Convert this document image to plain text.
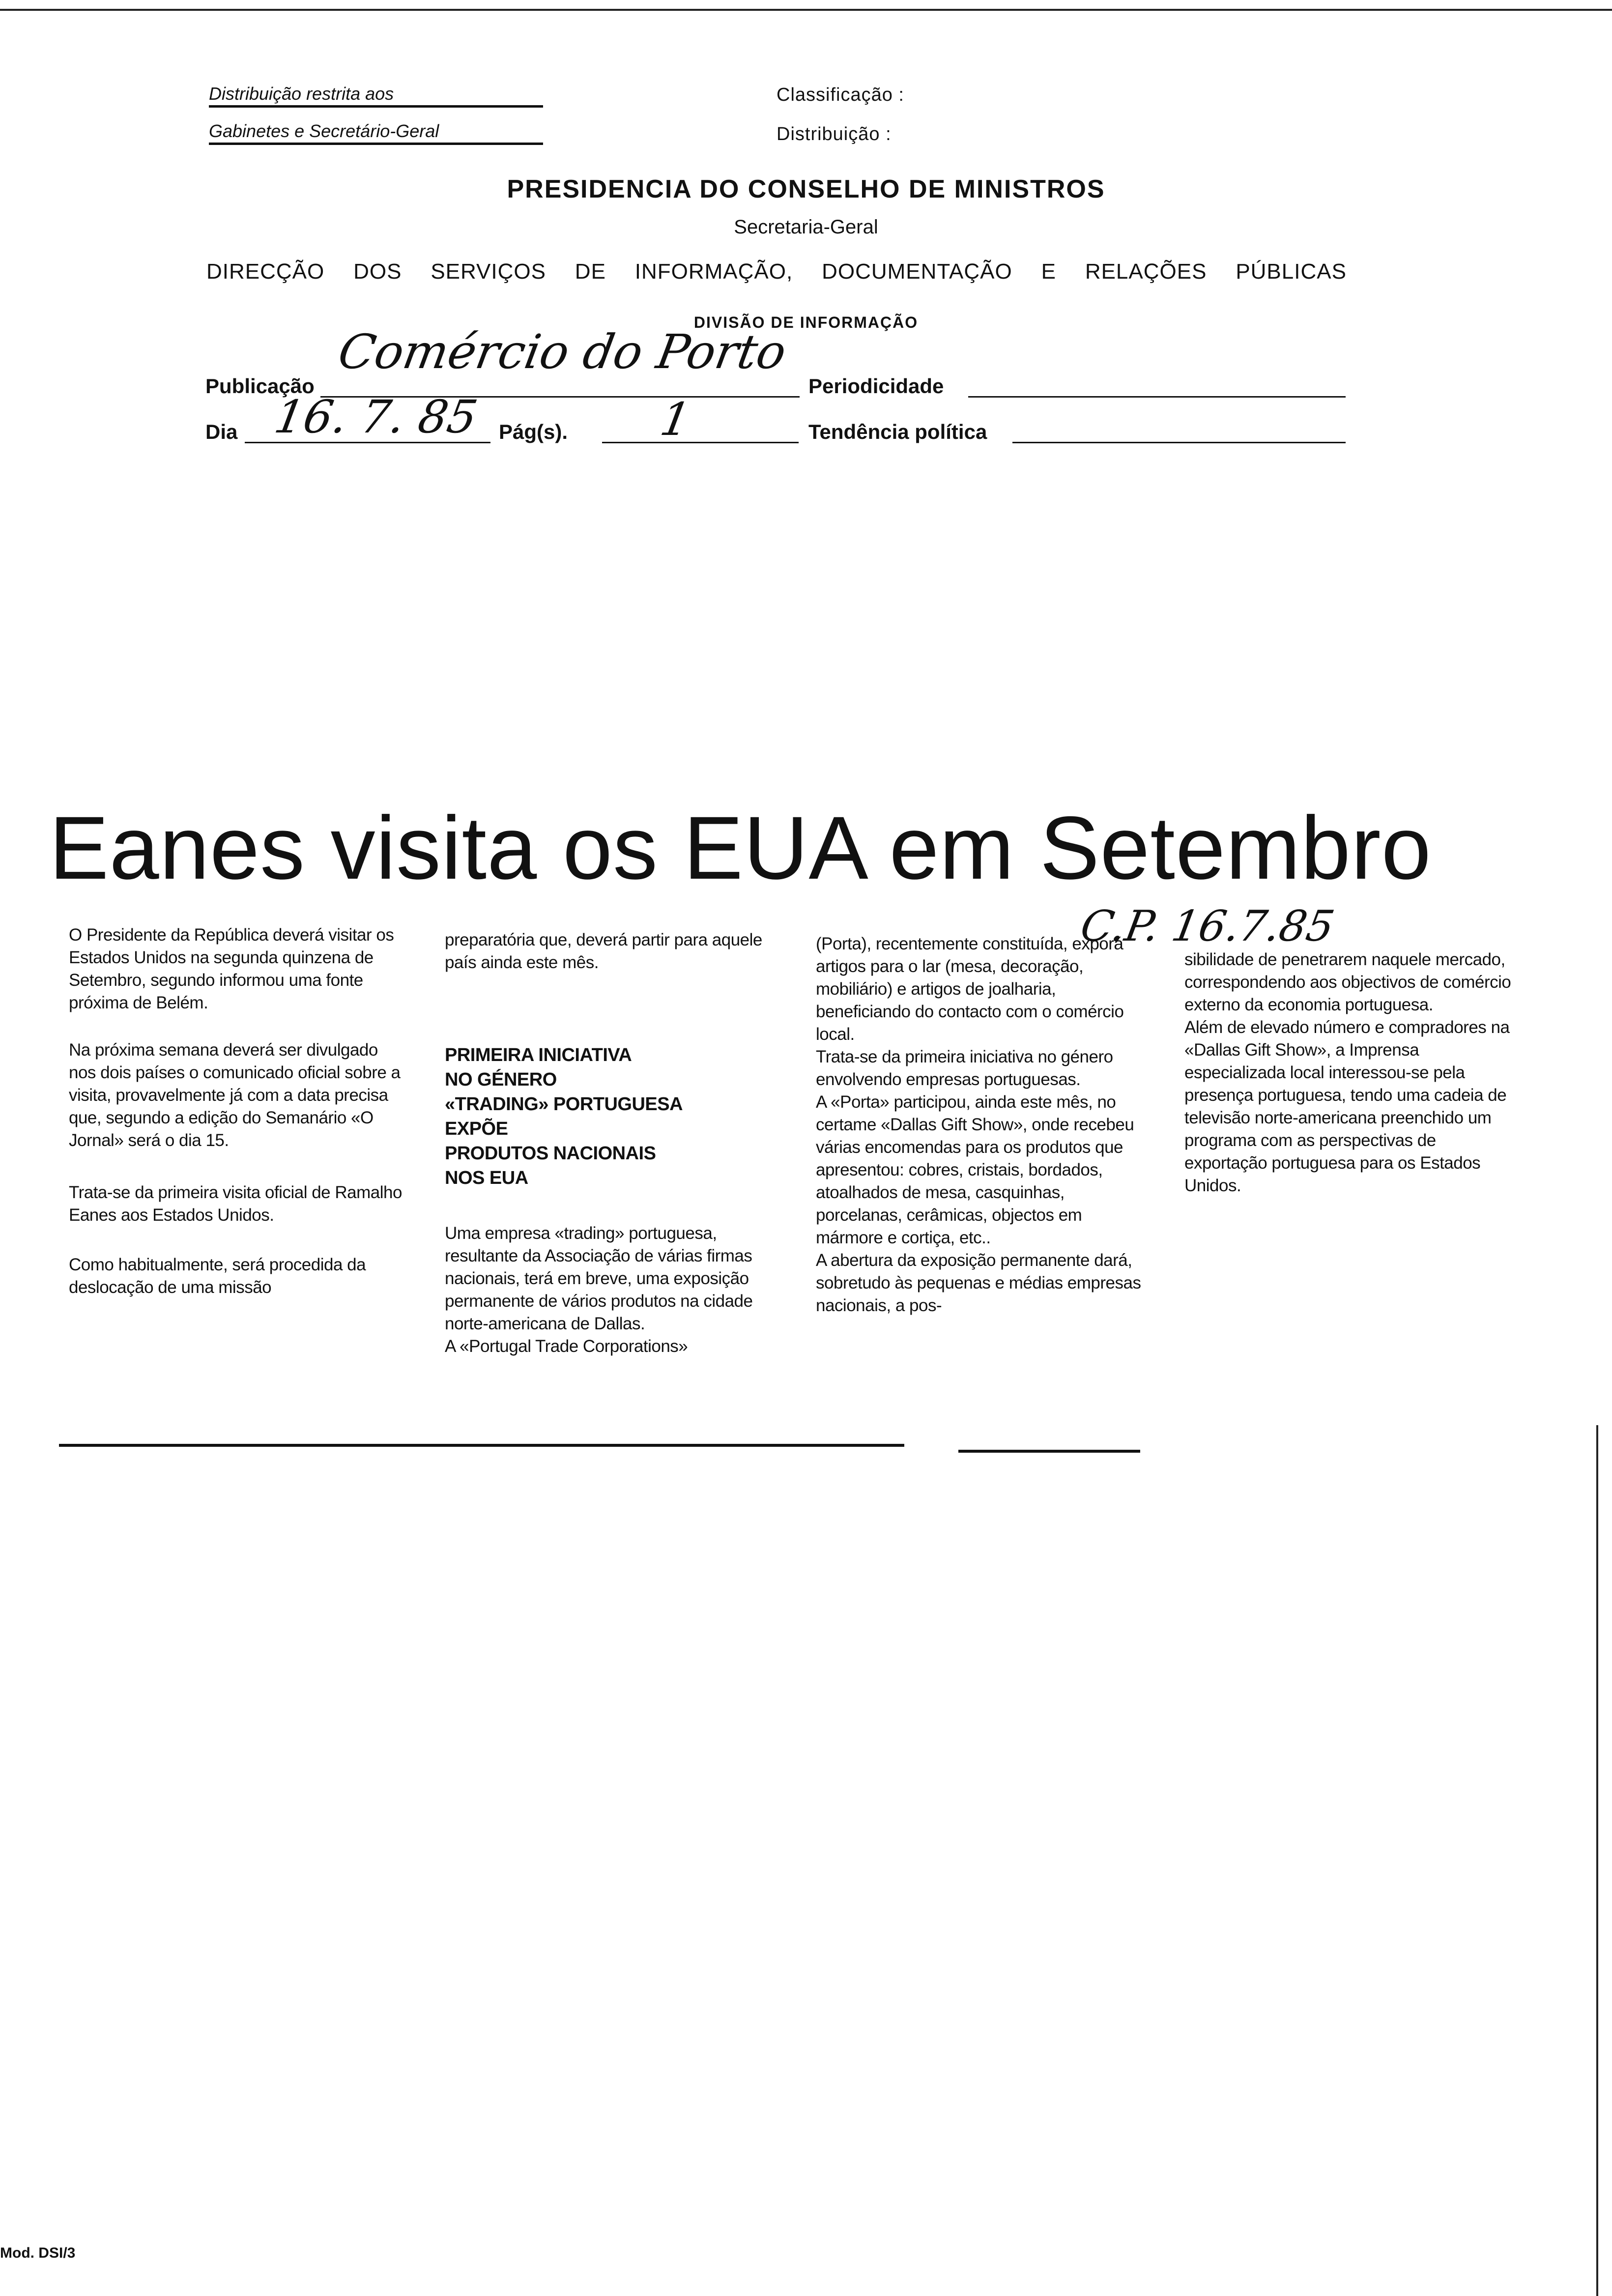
Distribuição restrita aos
Gabinetes e Secretário-Geral
Classificação :
Distribuição :
PRESIDENCIA DO CONSELHO DE MINISTROS
Secretaria-Geral
DIRECÇÃO DOS SERVIÇOS DE INFORMAÇÃO, DOCUMENTAÇÃO E RELAÇÕES PÚBLICAS
DIVISÃO DE INFORMAÇÃO
Publicação
Comércio do Porto
Periodicidade
Dia 16. 7. 85 Pág(s). 1	Tendência política
Eanes visita os EUA em Setembro
C.P. 16.7.85

O Presidente da República deverá visitar os Estados Unidos na segunda quinzena de Setembro, segundo informou uma fonte próxima de Belém.

Na próxima semana deverá ser divulgado nos dois países o comunicado oficial sobre a visita, provavelmente já com a data precisa que, segundo a edição do Semanário «O Jornal» será o dia 15.

Trata-se da primeira visita oficial de Ramalho Eanes aos Estados Unidos.

Como habitualmente, será procedida da deslocação de uma missão

preparatória que, deverá partir para aquele país ainda este mês.

PRIMEIRA INICIATIVA
NO GÉNERO
«TRADING» PORTUGUESA
EXPÕE
PRODUTOS NACIONAIS
NOS EUA

Uma empresa «trading» portuguesa, resultante da Associação de várias firmas nacionais, terá em breve, uma exposição permanente de vários produtos na cidade norte-americana de Dallas.

A «Portugal Trade Corporations»

(Porta), recentemente constituída, exporá artigos para o lar (mesa, decoração, mobiliário) e artigos de joalharia, beneficiando do contacto com o comércio local.

Trata-se da primeira iniciativa no género envolvendo empresas portuguesas.

A «Porta» participou, ainda este mês, no certame «Dallas Gift Show», onde recebeu várias encomendas para os produtos que apresentou: cobres, cristais, bordados, atoalhados de mesa, casquinhas, porcelanas, cerâmicas, objectos em mármore e cortiça, etc..

A abertura da exposição permanente dará, sobretudo às pequenas e médias empresas nacionais, a pos-

sibilidade de penetrarem naquele mercado, correspondendo aos objectivos de comércio externo da economia portuguesa.

Além de elevado número e compradores na «Dallas Gift Show», a Imprensa especializada local interessou-se pela presença portuguesa, tendo uma cadeia de televisão norte-americana preenchido um programa com as perspectivas de exportação portuguesa para os Estados Unidos.

Mod. DSI/3
